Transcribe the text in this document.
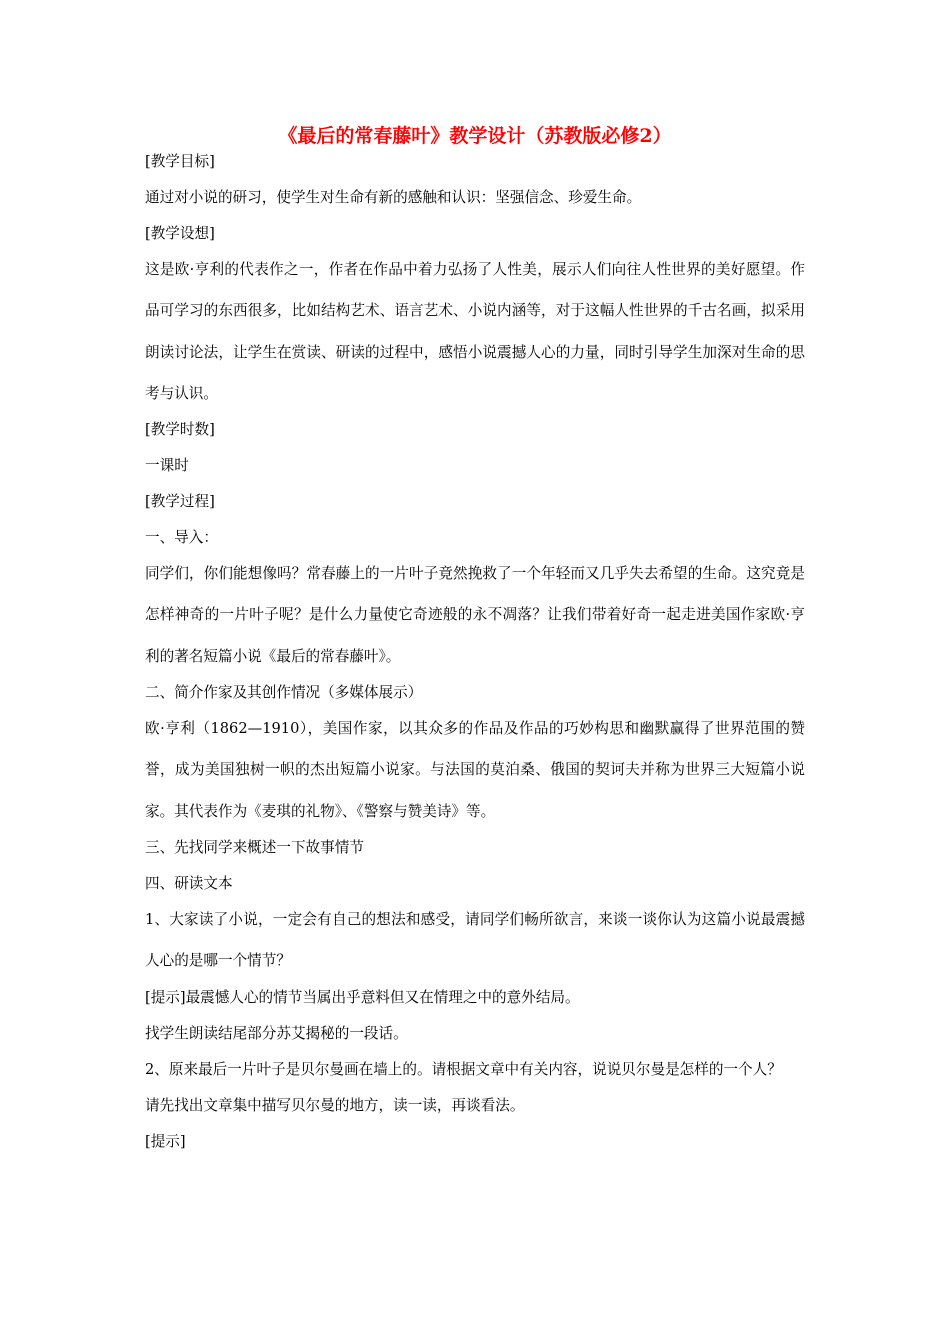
《最后的常春藤叶》教学设计（苏教版必修2）

[教学目标]

通过对小说的研习，使学生对生命有新的感触和认识：坚强信念、珍爱生命。

[教学设想]

这是欧·亨利的代表作之一，作者在作品中着力弘扬了人性美，展示人们向往人性世界的美好愿望。作品可学习的东西很多，比如结构艺术、语言艺术、小说内涵等，对于这幅人性世界的千古名画，拟采用朗读讨论法，让学生在赏读、研读的过程中，感悟小说震撼人心的力量，同时引导学生加深对生命的思考与认识。

[教学时数]

一课时

[教学过程]

一、导入：

同学们，你们能想像吗？常春藤上的一片叶子竟然挽救了一个年轻而又几乎失去希望的生命。这究竟是怎样神奇的一片叶子呢？是什么力量使它奇迹般的永不凋落？让我们带着好奇一起走进美国作家欧·亨利的著名短篇小说《最后的常春藤叶》。

二、简介作家及其创作情况（多媒体展示）

欧·亨利（1862—1910），美国作家，以其众多的作品及作品的巧妙构思和幽默赢得了世界范围的赞誉，成为美国独树一帜的杰出短篇小说家。与法国的莫泊桑、俄国的契诃夫并称为世界三大短篇小说家。其代表作为《麦琪的礼物》、《警察与赞美诗》等。

三、先找同学来概述一下故事情节

四、研读文本

1、大家读了小说，一定会有自己的想法和感受，请同学们畅所欲言，来谈一谈你认为这篇小说最震撼人心的是哪一个情节？

[提示]最震憾人心的情节当属出乎意料但又在情理之中的意外结局。

找学生朗读结尾部分苏艾揭秘的一段话。

2、原来最后一片叶子是贝尔曼画在墙上的。请根据文章中有关内容，说说贝尔曼是怎样的一个人？

请先找出文章集中描写贝尔曼的地方，读一读，再谈看法。

[提示]
